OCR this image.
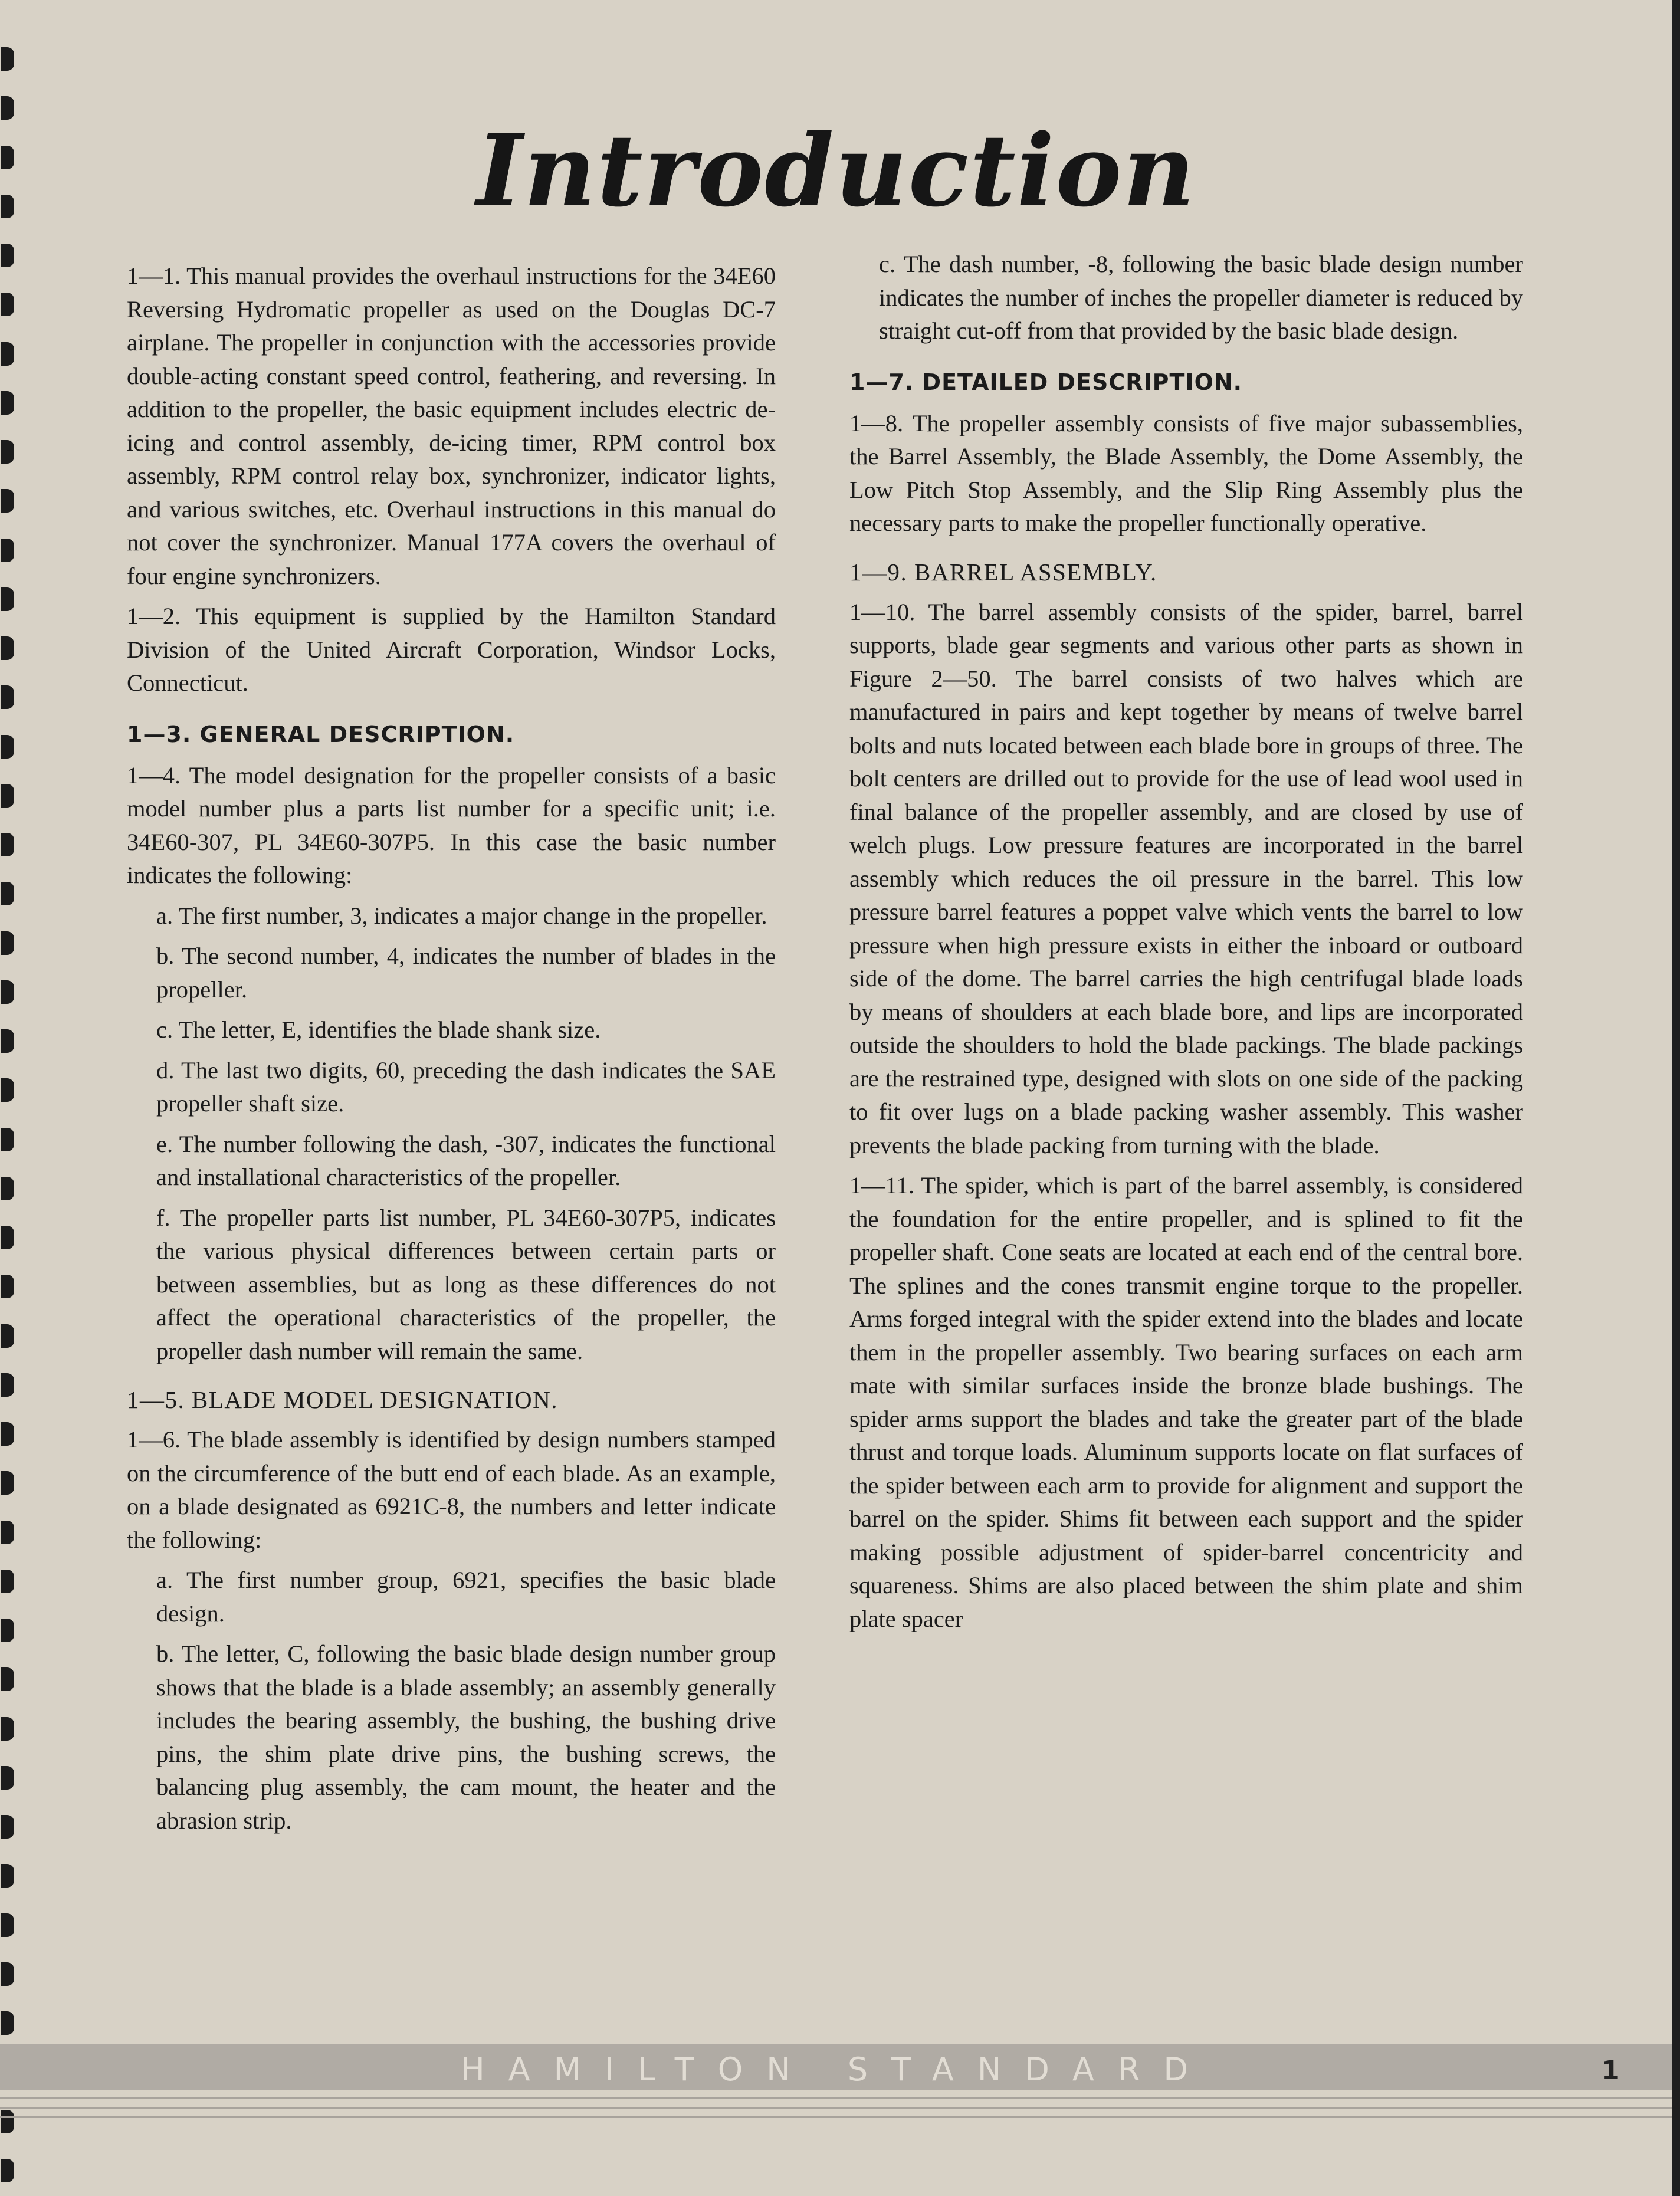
Introduction

1—1. This manual provides the overhaul instructions for the 34E60 Reversing Hydromatic propeller as used on the Douglas DC-7 airplane. The propeller in conjunction with the accessories provide double-acting constant speed control, feathering, and reversing. In addition to the propeller, the basic equipment includes electric de-icing and control assembly, de-icing timer, RPM control box assembly, RPM control relay box, synchronizer, indicator lights, and various switches, etc. Overhaul instructions in this manual do not cover the synchronizer. Manual 177A covers the overhaul of four engine synchronizers.

1—2. This equipment is supplied by the Hamilton Standard Division of the United Aircraft Corporation, Windsor Locks, Connecticut.

1—3. GENERAL DESCRIPTION.

1—4. The model designation for the propeller consists of a basic model number plus a parts list number for a specific unit; i.e. 34E60-307, PL 34E60-307P5. In this case the basic number indicates the following:

a. The first number, 3, indicates a major change in the propeller.

b. The second number, 4, indicates the number of blades in the propeller.

c. The letter, E, identifies the blade shank size.

d. The last two digits, 60, preceding the dash indicates the SAE propeller shaft size.

e. The number following the dash, -307, indicates the functional and installational characteristics of the propeller.

f. The propeller parts list number, PL 34E60-307P5, indicates the various physical differences between certain parts or between assemblies, but as long as these differences do not affect the operational characteristics of the propeller, the propeller dash number will remain the same.

1—5. BLADE MODEL DESIGNATION.

1—6. The blade assembly is identified by design numbers stamped on the circumference of the butt end of each blade. As an example, on a blade designated as 6921C-8, the numbers and letter indicate the following:

a. The first number group, 6921, specifies the basic blade design.

b. The letter, C, following the basic blade design number group shows that the blade is a blade assembly; an assembly generally includes the bearing assembly, the bushing, the bushing drive pins, the shim plate drive pins, the bushing screws, the balancing plug assembly, the cam mount, the heater and the abrasion strip.

c. The dash number, -8, following the basic blade design number indicates the number of inches the propeller diameter is reduced by straight cut-off from that provided by the basic blade design.

1—7. DETAILED DESCRIPTION.

1—8. The propeller assembly consists of five major subassemblies, the Barrel Assembly, the Blade Assembly, the Dome Assembly, the Low Pitch Stop Assembly, and the Slip Ring Assembly plus the necessary parts to make the propeller functionally operative.

1—9. BARREL ASSEMBLY.

1—10. The barrel assembly consists of the spider, barrel, barrel supports, blade gear segments and various other parts as shown in Figure 2—50. The barrel consists of two halves which are manufactured in pairs and kept together by means of twelve barrel bolts and nuts located between each blade bore in groups of three. The bolt centers are drilled out to provide for the use of lead wool used in final balance of the propeller assembly, and are closed by use of welch plugs. Low pressure features are incorporated in the barrel assembly which reduces the oil pressure in the barrel. This low pressure barrel features a poppet valve which vents the barrel to low pressure when high pressure exists in either the inboard or outboard side of the dome. The barrel carries the high centrifugal blade loads by means of shoulders at each blade bore, and lips are incorporated outside the shoulders to hold the blade packings. The blade packings are the restrained type, designed with slots on one side of the packing to fit over lugs on a blade packing washer assembly. This washer prevents the blade packing from turning with the blade.

1—11. The spider, which is part of the barrel assembly, is considered the foundation for the entire propeller, and is splined to fit the propeller shaft. Cone seats are located at each end of the central bore. The splines and the cones transmit engine torque to the propeller. Arms forged integral with the spider extend into the blades and locate them in the propeller assembly. Two bearing surfaces on each arm mate with similar surfaces inside the bronze blade bushings. The spider arms support the blades and take the greater part of the blade thrust and torque loads. Aluminum supports locate on flat surfaces of the spider between each arm to provide for alignment and support the barrel on the spider. Shims fit between each support and the spider making possible adjustment of spider-barrel concentricity and squareness. Shims are also placed between the shim plate and shim plate spacer

HAMILTON STANDARD	1
